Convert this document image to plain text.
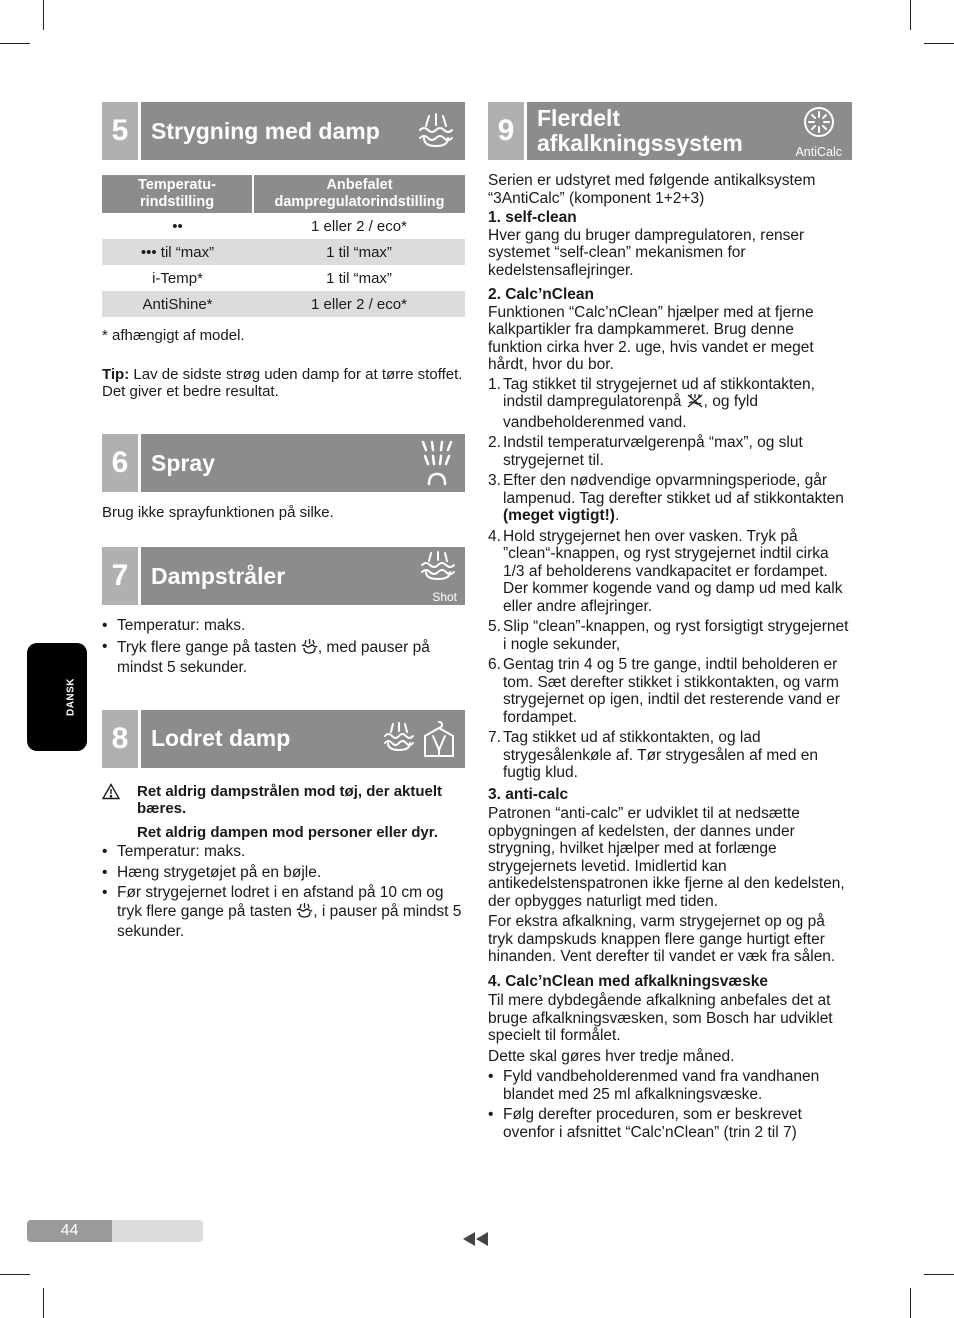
DANSK
5 Strygning med damp
Temperatu-
rindstilling	Anbefalet
dampregulatorindstilling
••	1 eller 2 / eco*
••• til “max”	1 til “max”
i-Temp*	1 til “max”
AntiShine*	1 eller 2 / eco*

* afhængigt af model.

Tip: Lav de sidste strøg uden damp for at tørre stoffet. Det giver et bedre resultat.

6 Spray

Brug ikke sprayfunktionen på silke.

7 Dampstråler
Shot
• Temperatur: maks.
• Tryk flere gange på tasten , med pauser på mindst 5 sekunder.
8 Lodret damp

Ret aldrig dampstrålen mod tøj, der aktuelt bæres.

Ret aldrig dampen mod personer eller dyr.

• Temperatur: maks.
• Hæng strygetøjet på en bøjle.
• Før strygejernet lodret i en afstand på 10 cm og tryk flere gange på tasten , i pauser på mindst 5 sekunder.
9 Flerdelt
afkalkningssystem	AntiCalc

Serien er udstyret med følgende antikalksystem “3AntiCalc” (komponent 1+2+3)

1. self-clean

Hver gang du bruger dampregulatoren, renser systemet “self-clean” mekanismen for kedelstensaflejringer.

2. Calc’nClean

Funktionen “Calc’nClean” hjælper med at fjerne kalkpartikler fra dampkammeret. Brug denne funktion cirka hver 2. uge, hvis vandet er meget hårdt, hvor du bor.

1. Tag stikket til strygejernet ud af stikkontakten, indstil dampregulatorenpå , og fyld vandbeholderenmed vand.
2. Indstil temperaturvælgerenpå “max”, og slut strygejernet til.
3. Efter den nødvendige opvarmningsperiode, går lampenud. Tag derefter stikket ud af stikkontakten (meget vigtigt!).
4. Hold strygejernet hen over vasken. Tryk på ”clean“-knappen, og ryst strygejernet indtil cirka 1/3 af beholderens vandkapacitet er fordampet. Der kommer kogende vand og damp ud med kalk eller andre aflejringer.
5. Slip “clean”-knappen, og ryst forsigtigt strygejernet i nogle sekunder,
6. Gentag trin 4 og 5 tre gange, indtil beholderen er tom. Sæt derefter stikket i stikkontakten, og varm strygejernet op igen, indtil det resterende vand er fordampet.
7. Tag stikket ud af stikkontakten, og lad strygesålenkøle af. Tør strygesålen af med en fugtig klud.

3. anti-calc

Patronen “anti-calc” er udviklet til at nedsætte opbygningen af kedelsten, der dannes under strygning, hvilket hjælper med at forlænge strygejernets levetid. Imidlertid kan antikedelstenspatronen ikke fjerne al den kedelsten, der opbygges naturligt med tiden.

For ekstra afkalkning, varm strygejernet op og på tryk dampskuds knappen flere gange hurtigt efter hinanden. Vent derefter til vandet er væk fra sålen.

4. Calc’nClean med afkalkningsvæske

Til mere dybdegående afkalkning anbefales det at bruge afkalkningsvæsken, som Bosch har udviklet specielt til formålet.

Dette skal gøres hver tredje måned.

• Fyld vandbeholderenmed vand fra vandhanen blandet med 25 ml afkalkningsvæske.
• Følg derefter proceduren, som er beskrevet ovenfor i afsnittet “Calc’nClean” (trin 2 til 7)
44
